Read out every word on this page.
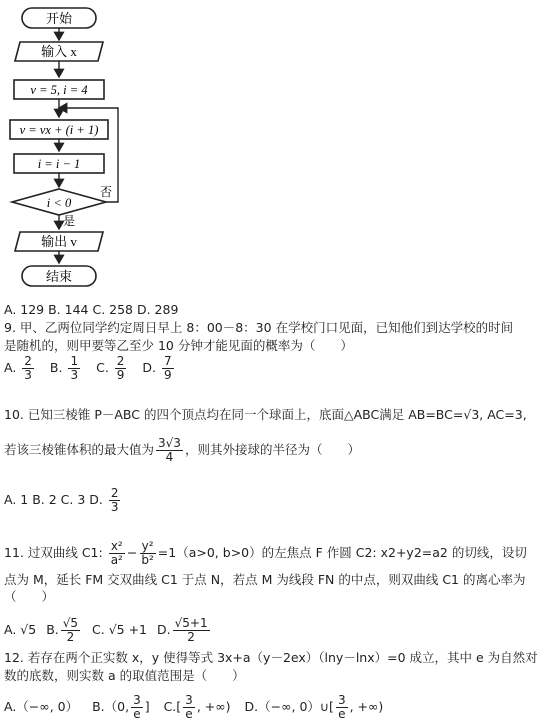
开始
输入 x
v = 5, i = 4
v = vx + (i + 1)
i = i − 1
i < 0
否
是
输出 v
结束
A. 129 B. 144 C. 258 D. 289
9. 甲、乙两位同学约定周日早上 8：00－8：30 在学校门口见面，已知他们到达学校的时间
是随机的，则甲要等乙至少 10 分钟才能见面的概率为（　　）
A. $\frac{2}{3} B$. $\frac{1}{3} C$. $\frac{2}{9} D$. $\frac{7}{9}$
10. 已知三棱锥 P－ABC 的四个顶点均在同一个球面上，底面△ABC满足 AB=BC=√3, AC=3,
若该三棱锥体积的最大值为 $\frac{3√3}{4}$ ，则其外接球的半径为（　　）
A. 1 B. 2 C. 3 D. $\frac{2}{3}$
11. 过双曲线 C1: $\frac{\text{x²}}{\text{a²}} - \frac{\text{y²}}{\text{b²}} =1(a>0$, b>0）的左焦点 F 作圆 C2: x2+y2=a2 的切线，设切
点为 M，延长 FM 交双曲线 C1 于点 N，若点 M 为线段 FN 的中点，则双曲线 C1 的离心率为
（　　）
A. √5 B. $\frac{√5}{2} C$. √5 +1 D. $\frac{√5+1}{2}$
12. 若存在两个正实数 x，y 使得等式 3x+a（y－2ex）（lny－lnx）=0 成立，其中 e 为自然对
数的底数，则实数 a 的取值范围是（　　）
A.（−∞, 0） B.（0, $\frac{3}{e}$ ] $C.[ \frac{3}{e}$ , +∞) D.（−∞, 0）∪[ $\frac{3}{e}$ , +∞)
